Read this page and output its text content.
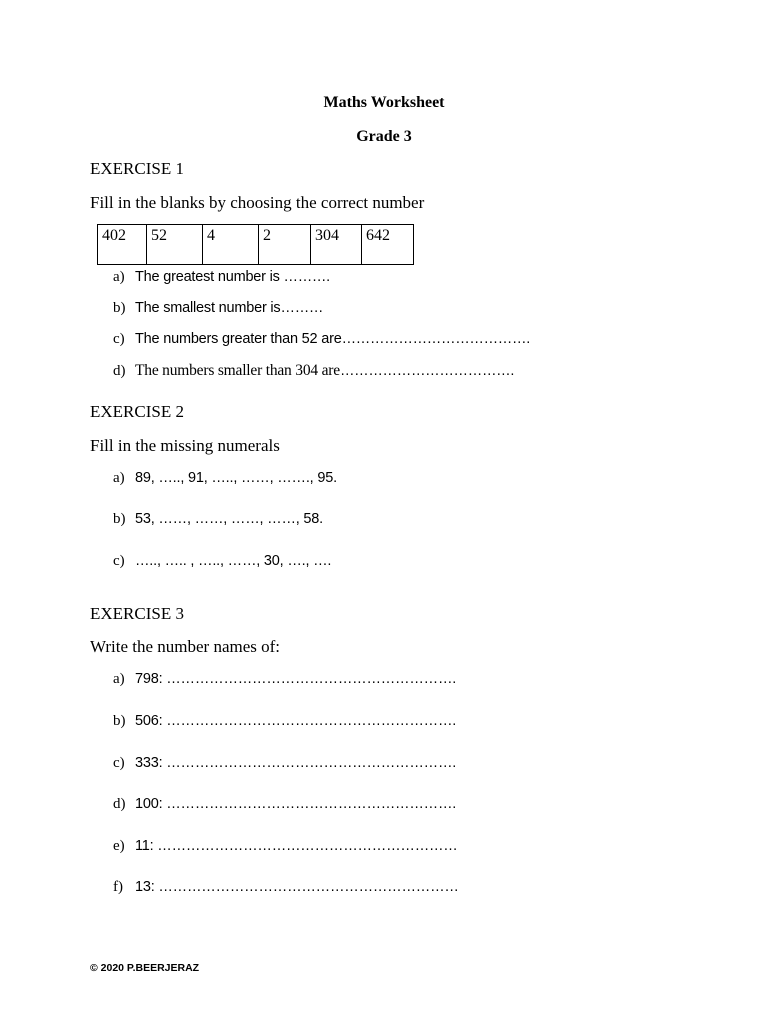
Maths Worksheet
Grade 3
EXERCISE 1
Fill in the blanks by choosing the correct number
402	52	4	2	304	642
a) The greatest number is ……….
b) The smallest number is………
c) The numbers greater than 52 are………………………………….
d) The numbers smaller than 304 are……………………………….
EXERCISE 2
Fill in the missing numerals
a) 89, ….., 91, ….., ……, ……., 95.
b) 53, ……, ……, ……, ……, 58.
c) ….., ….. , ….., ……, 30, …., ….
EXERCISE 3
Write the number names of:
a) 798: …………………………………………………….
b) 506: …………………………………………………….
c) 333: …………………………………………………….
d) 100: …………………………………………………….
e) 11: ………………………………………………………
f) 13: ………………………………………………………
© 2020 P.BEERJERAZ
